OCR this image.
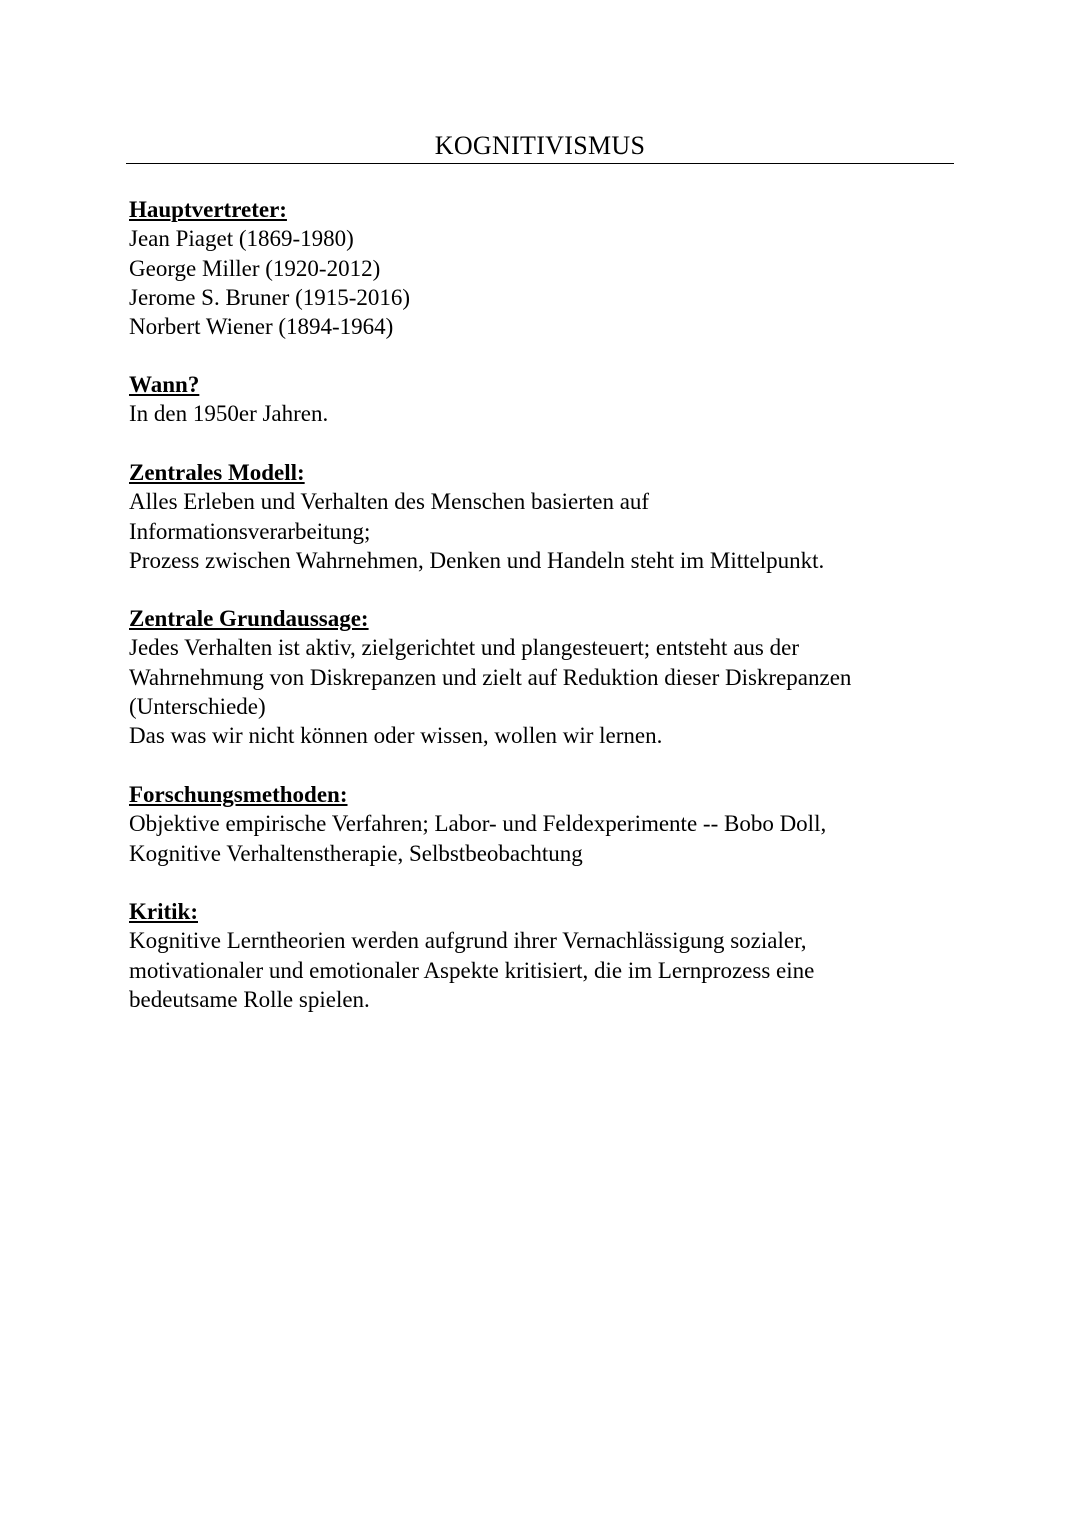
KOGNITIVISMUS
Hauptvertreter:
Jean Piaget (1869-1980)
George Miller (1920-2012)
Jerome S. Bruner (1915-2016)
Norbert Wiener (1894-1964)
Wann?
In den 1950er Jahren.
Zentrales Modell:
Alles Erleben und Verhalten des Menschen basierten auf
Informationsverarbeitung;
Prozess zwischen Wahrnehmen, Denken und Handeln steht im Mittelpunkt.
Zentrale Grundaussage:
Jedes Verhalten ist aktiv, zielgerichtet und plangesteuert; entsteht aus der
Wahrnehmung von Diskrepanzen und zielt auf Reduktion dieser Diskrepanzen
(Unterschiede)
Das was wir nicht können oder wissen, wollen wir lernen.
Forschungsmethoden:
Objektive empirische Verfahren; Labor- und Feldexperimente -- Bobo Doll,
Kognitive Verhaltenstherapie, Selbstbeobachtung
Kritik:
Kognitive Lerntheorien werden aufgrund ihrer Vernachlässigung sozialer,
motivationaler und emotionaler Aspekte kritisiert, die im Lernprozess eine
bedeutsame Rolle spielen.
